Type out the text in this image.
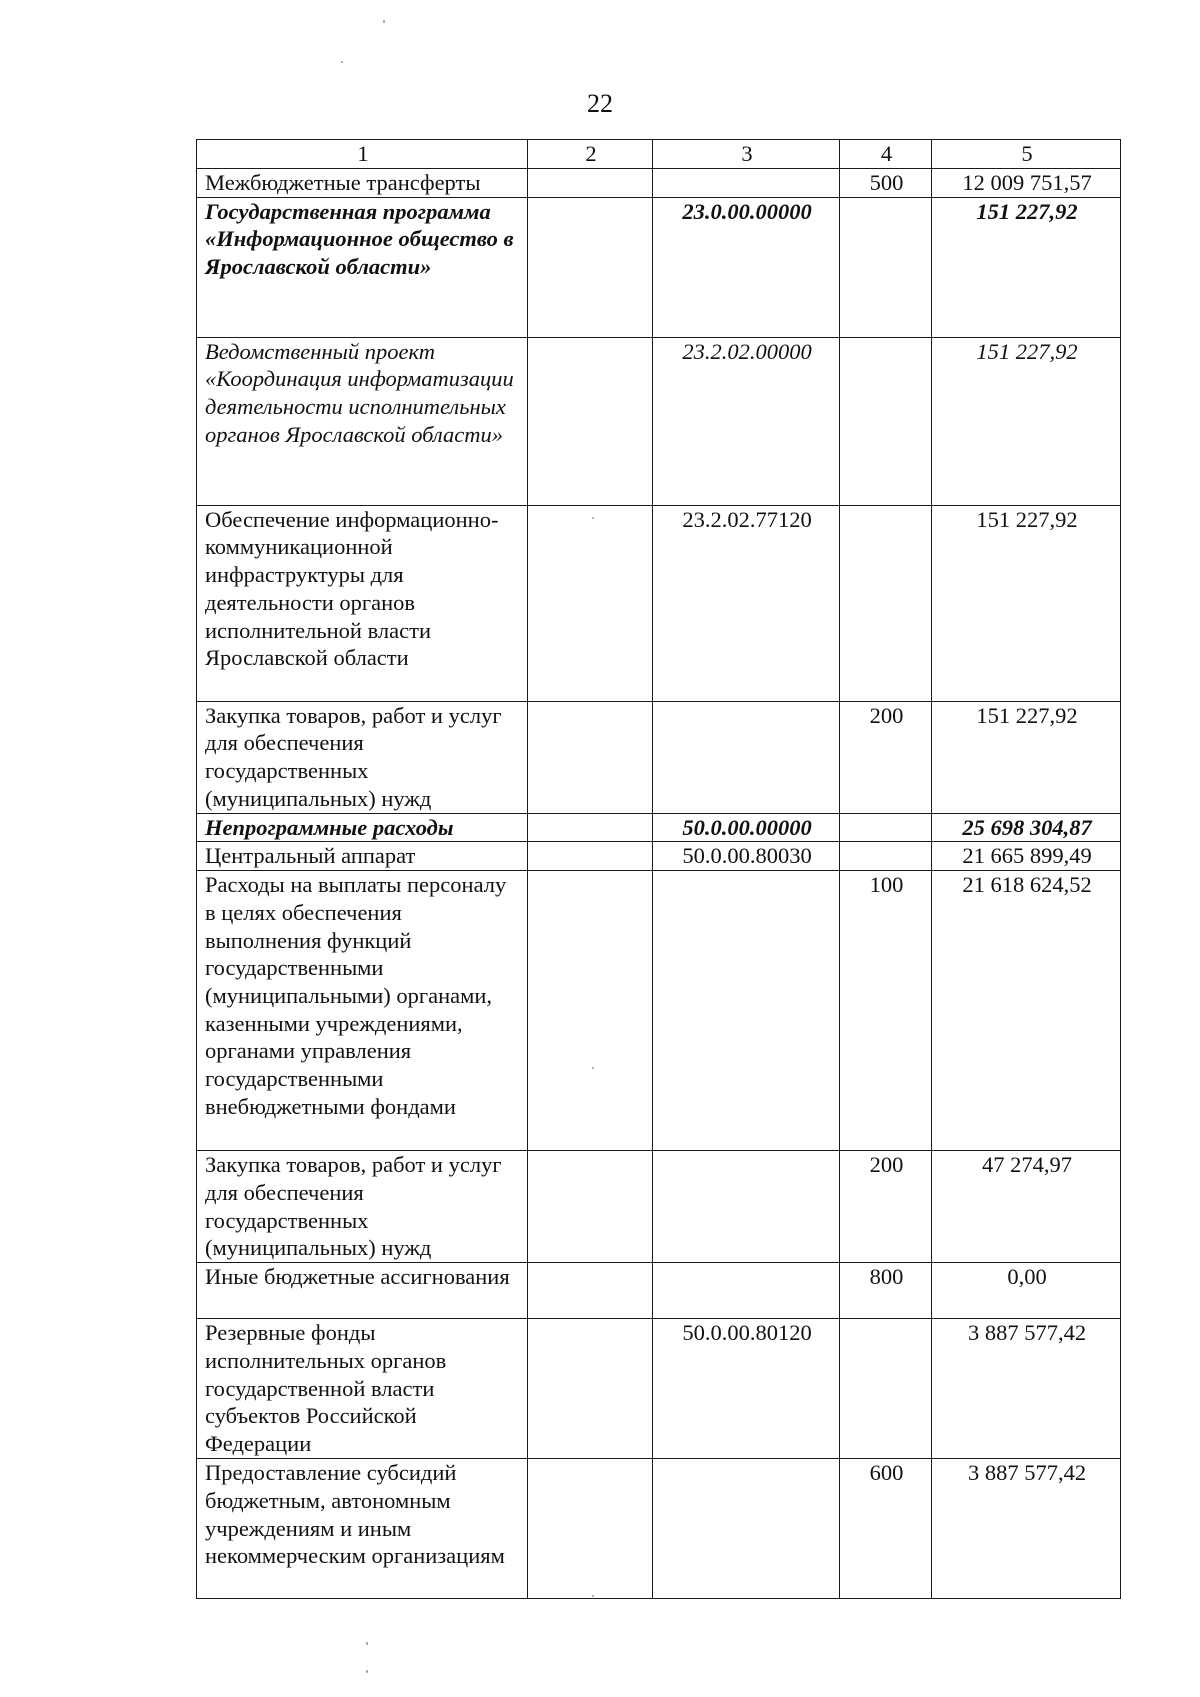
22
1	2	3	4	5
Межбюджетные трансферты			500	12 009 751,57
Государственная программа «Информационное общество в Ярославской области»		23.0.00.00000		151 227,92
Ведомственный проект «Координация информатизации деятельности исполнительных органов Ярославской области»		23.2.02.00000		151 227,92
Обеспечение информационно-коммуникационной инфраструктуры для деятельности органов исполнительной власти Ярославской области		23.2.02.77120		151 227,92
Закупка товаров, работ и услуг для обеспечения государственных (муниципальных) нужд			200	151 227,92
Непрограммные расходы		50.0.00.00000		25 698 304,87
Центральный аппарат		50.0.00.80030		21 665 899,49
Расходы на выплаты персоналу в целях обеспечения выполнения функций государственными (муниципальными) органами, казенными учреждениями, органами управления государственными внебюджетными фондами			100	21 618 624,52
Закупка товаров, работ и услуг для обеспечения государственных (муниципальных) нужд			200	47 274,97
Иные бюджетные ассигнования			800	0,00
Резервные фонды исполнительных органов государственной власти субъектов Российской Федерации		50.0.00.80120		3 887 577,42
Предоставление субсидий бюджетным, автономным учреждениям и иным некоммерческим организациям			600	3 887 577,42
